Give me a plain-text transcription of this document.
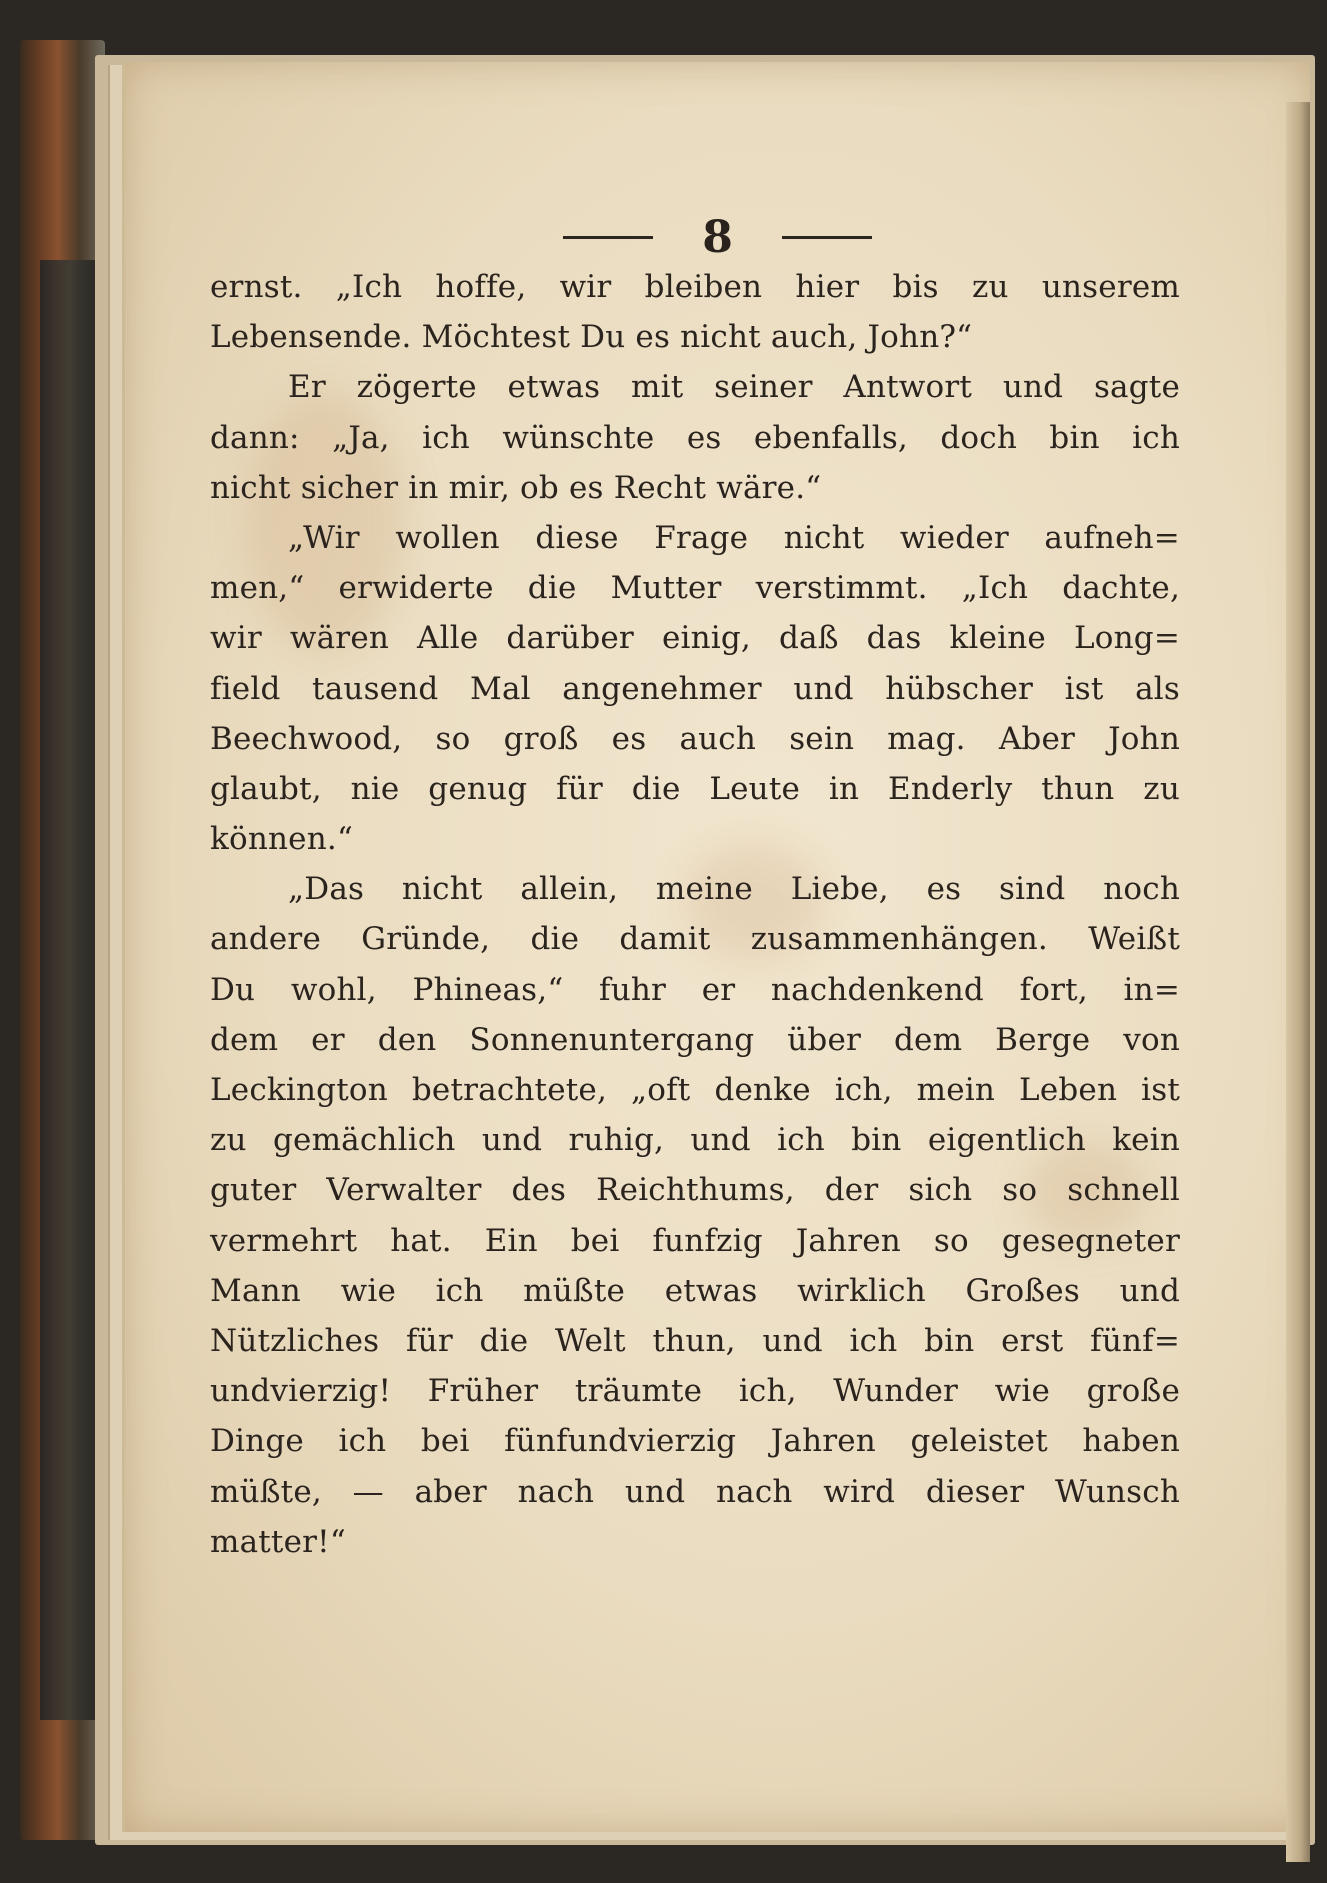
8
ernst. „Ich hoffe, wir bleiben hier bis zu unserem
Lebensende. Möchtest Du es nicht auch, John?“
Er zögerte etwas mit seiner Antwort und sagte
dann: „Ja, ich wünschte es ebenfalls, doch bin ich
nicht sicher in mir, ob es Recht wäre.“
„Wir wollen diese Frage nicht wieder aufneh=
men,“ erwiderte die Mutter verstimmt. „Ich dachte,
wir wären Alle darüber einig, daß das kleine Long=
field tausend Mal angenehmer und hübscher ist als
Beechwood, so groß es auch sein mag. Aber John
glaubt, nie genug für die Leute in Enderly thun zu
können.“
„Das nicht allein, meine Liebe, es sind noch
andere Gründe, die damit zusammenhängen. Weißt
Du wohl, Phineas,“ fuhr er nachdenkend fort, in=
dem er den Sonnenuntergang über dem Berge von
Leckington betrachtete, „oft denke ich, mein Leben ist
zu gemächlich und ruhig, und ich bin eigentlich kein
guter Verwalter des Reichthums, der sich so schnell
vermehrt hat. Ein bei funfzig Jahren so gesegneter
Mann wie ich müßte etwas wirklich Großes und
Nützliches für die Welt thun, und ich bin erst fünf=
undvierzig! Früher träumte ich, Wunder wie große
Dinge ich bei fünfundvierzig Jahren geleistet haben
müßte, — aber nach und nach wird dieser Wunsch
matter!“
